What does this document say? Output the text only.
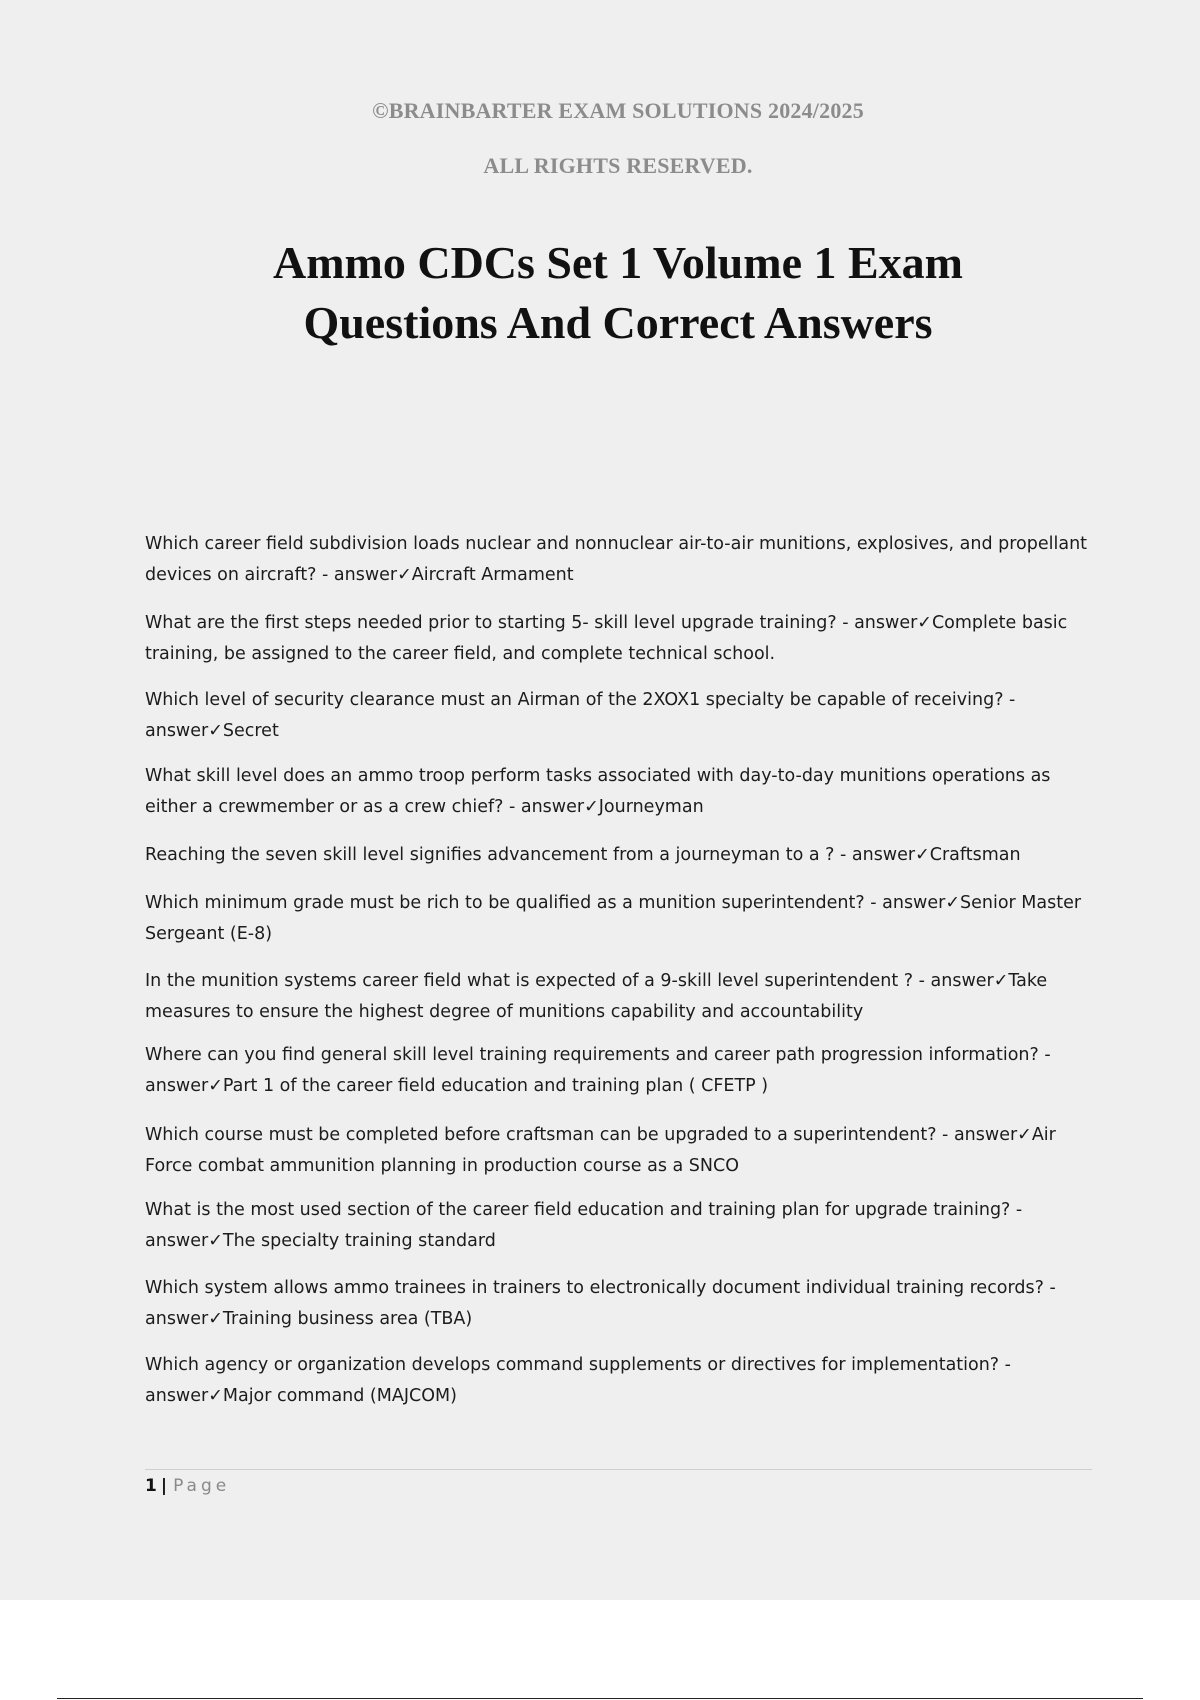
©BRAINBARTER EXAM SOLUTIONS 2024/2025
ALL RIGHTS RESERVED.
Ammo CDCs Set 1 Volume 1 Exam
Questions And Correct Answers
Which career field subdivision loads nuclear and nonnuclear air-to-air munitions, explosives, and propellant devices on aircraft? - answer✓Aircraft Armament
What are the first steps needed prior to starting 5- skill level upgrade training? - answer✓Complete basic training, be assigned to the career field, and complete technical school.
Which level of security clearance must an Airman of the 2XOX1 specialty be capable of receiving? - answer✓Secret
What skill level does an ammo troop perform tasks associated with day-to-day munitions operations as either a crewmember or as a crew chief? - answer✓Journeyman
Reaching the seven skill level signifies advancement from a journeyman to a ? - answer✓Craftsman
Which minimum grade must be rich to be qualified as a munition superintendent? - answer✓Senior Master Sergeant (E-8)
In the munition systems career field what is expected of a 9-skill level superintendent ? - answer✓Take measures to ensure the highest degree of munitions capability and accountability
Where can you find general skill level training requirements and career path progression information? - answer✓Part 1 of the career field education and training plan ( CFETP )
Which course must be completed before craftsman can be upgraded to a superintendent? - answer✓Air Force combat ammunition planning in production course as a SNCO
What is the most used section of the career field education and training plan for upgrade training? - answer✓The specialty training standard
Which system allows ammo trainees in trainers to electronically document individual training records? - answer✓Training business area (TBA)
Which agency or organization develops command supplements or directives for implementation? - answer✓Major command (MAJCOM)
1 | Page
